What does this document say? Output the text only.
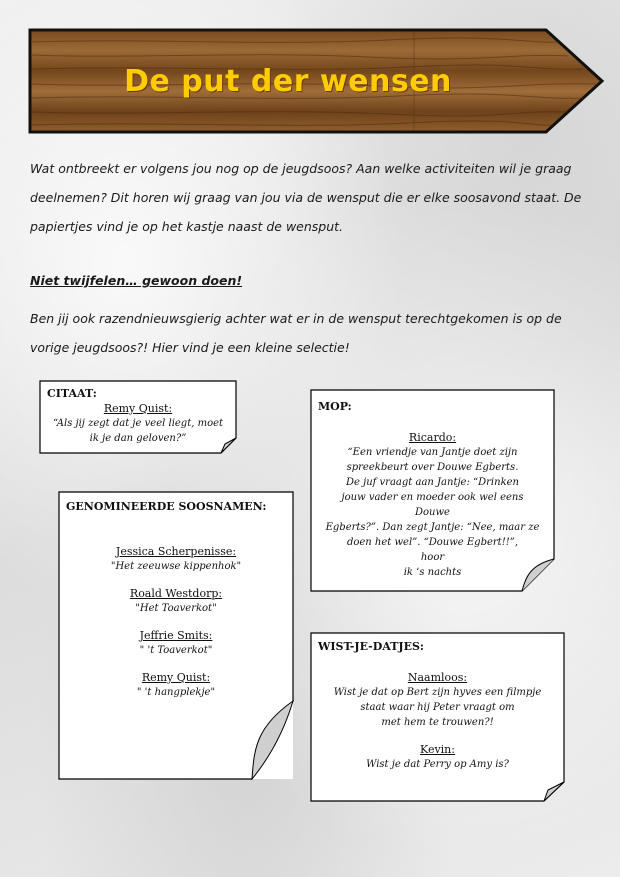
De put der wensen

Wat ontbreekt er volgens jou nog op de jeugdsoos? Aan welke activiteiten wil je graag deelnemen? Dit horen wij graag van jou via de wensput die er elke soosavond staat. De papiertjes vind je op het kastje naast de wensput.

Niet twijfelen… gewoon doen!

Ben jij ook razendnieuwsgierig achter wat er in de wensput terechtgekomen is op de vorige jeugdsoos?! Hier vind je een kleine selectie!

CITAAT:
Remy Quist:
“Als jij zegt dat je veel liegt, moet ik je dan geloven?”
MOP:
Ricardo:
“Een vriendje van Jantje doet zijn spreekbeurt over Douwe Egberts.
De juf vraagt aan Jantje: “Drinken jouw vader en moeder ook wel eens Douwe
Egberts?”. Dan zegt Jantje: “Nee, maar ze doen het wel”. “Douwe Egbert!!”,
hoor
ik ‘s nachts
GENOMINEERDE SOOSNAMEN:
Jessica Scherpenisse:
"Het zeeuwse kippenhok"
Roald Westdorp:
"Het Toaverkot"
Jeffrie Smits:
" 't Toaverkot"
Remy Quist:
" 't hangplekje"
WIST-JE-DATJES:
Naamloos:
Wist je dat op Bert zijn hyves een filmpje staat waar hij Peter vraagt om
met hem te trouwen?!
Kevin:
Wist je dat Perry op Amy is?
